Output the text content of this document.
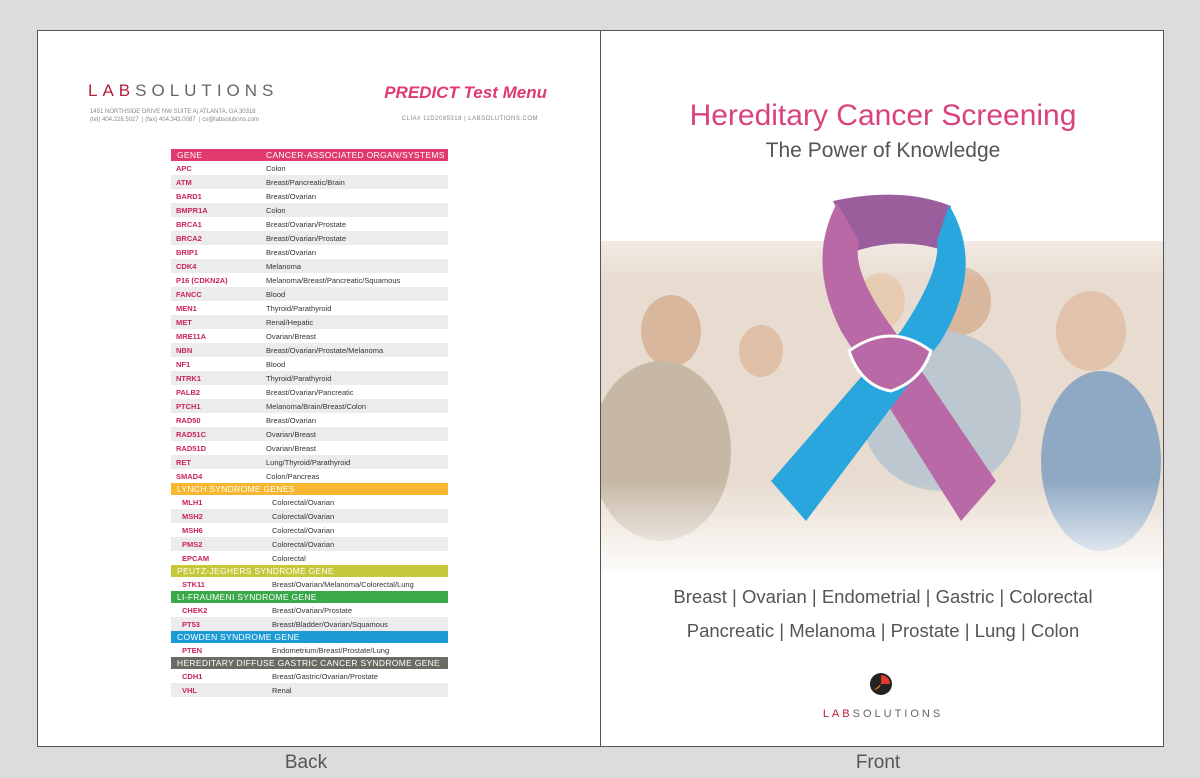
LABSOLUTIONS
1451 NORTHSIDE DRIVE NW SUITE A| ATLANTA, GA 30318
(tel) 404.228.5027  | (fax) 404.343.0087  | cs@labsolutions.com
PREDICT Test Menu
CLIA# 11D2085318 | LABSOLUTIONS.COM
GENE	CANCER-ASSOCIATED ORGAN/SYSTEMS
APC	Colon
ATM	Breast/Pancreatic/Brain
BARD1	Breast/Ovarian
BMPR1A	Colon
BRCA1	Breast/Ovarian/Prostate
BRCA2	Breast/Ovarian/Prostate
BRIP1	Breast/Ovarian
CDK4	Melanoma
P16 (CDKN2A)	Melanoma/Breast/Pancreatic/Squamous
FANCC	Blood
MEN1	Thyroid/Parathyroid
MET	Renal/Hepatic
MRE11A	Ovarian/Breast
NBN	Breast/Ovarian/Prostate/Melanoma
NF1	Blood
NTRK1	Thyroid/Parathyroid
PALB2	Breast/Ovarian/Pancreatic
PTCH1	Melanoma/Brain/Breast/Colon
RAD50	Breast/Ovarian
RAD51C	Ovarian/Breast
RAD51D	Ovarian/Breast
RET	Lung/Thyroid/Parathyroid
SMAD4	Colon/Pancreas
LYNCH SYNDROME GENES
MLH1	Colorectal/Ovarian
MSH2	Colorectal/Ovarian
MSH6	Colorectal/Ovarian
PMS2	Colorectal/Ovarian
EPCAM	Colorectal
PEUTZ-JEGHERS SYNDROME GENE
STK11	Breast/Ovarian/Melanoma/Colorectal/Lung
LI-FRAUMENI SYNDROME GENE
CHEK2	Breast/Ovarian/Prostate
PT53	Breast/Bladder/Ovarian/Squamous
COWDEN SYNDROME GENE
PTEN	Endometrium/Breast/Prostate/Lung
HEREDITARY DIFFUSE GASTRIC CANCER SYNDROME GENE
CDH1	Breast/Gastric/Ovarian/Prostate
VHL	Renal
Hereditary Cancer Screening
The Power of Knowledge
Breast | Ovarian | Endometrial | Gastric | Colorectal
Pancreatic | Melanoma | Prostate | Lung | Colon
LABSOLUTIONS
Back	Front
